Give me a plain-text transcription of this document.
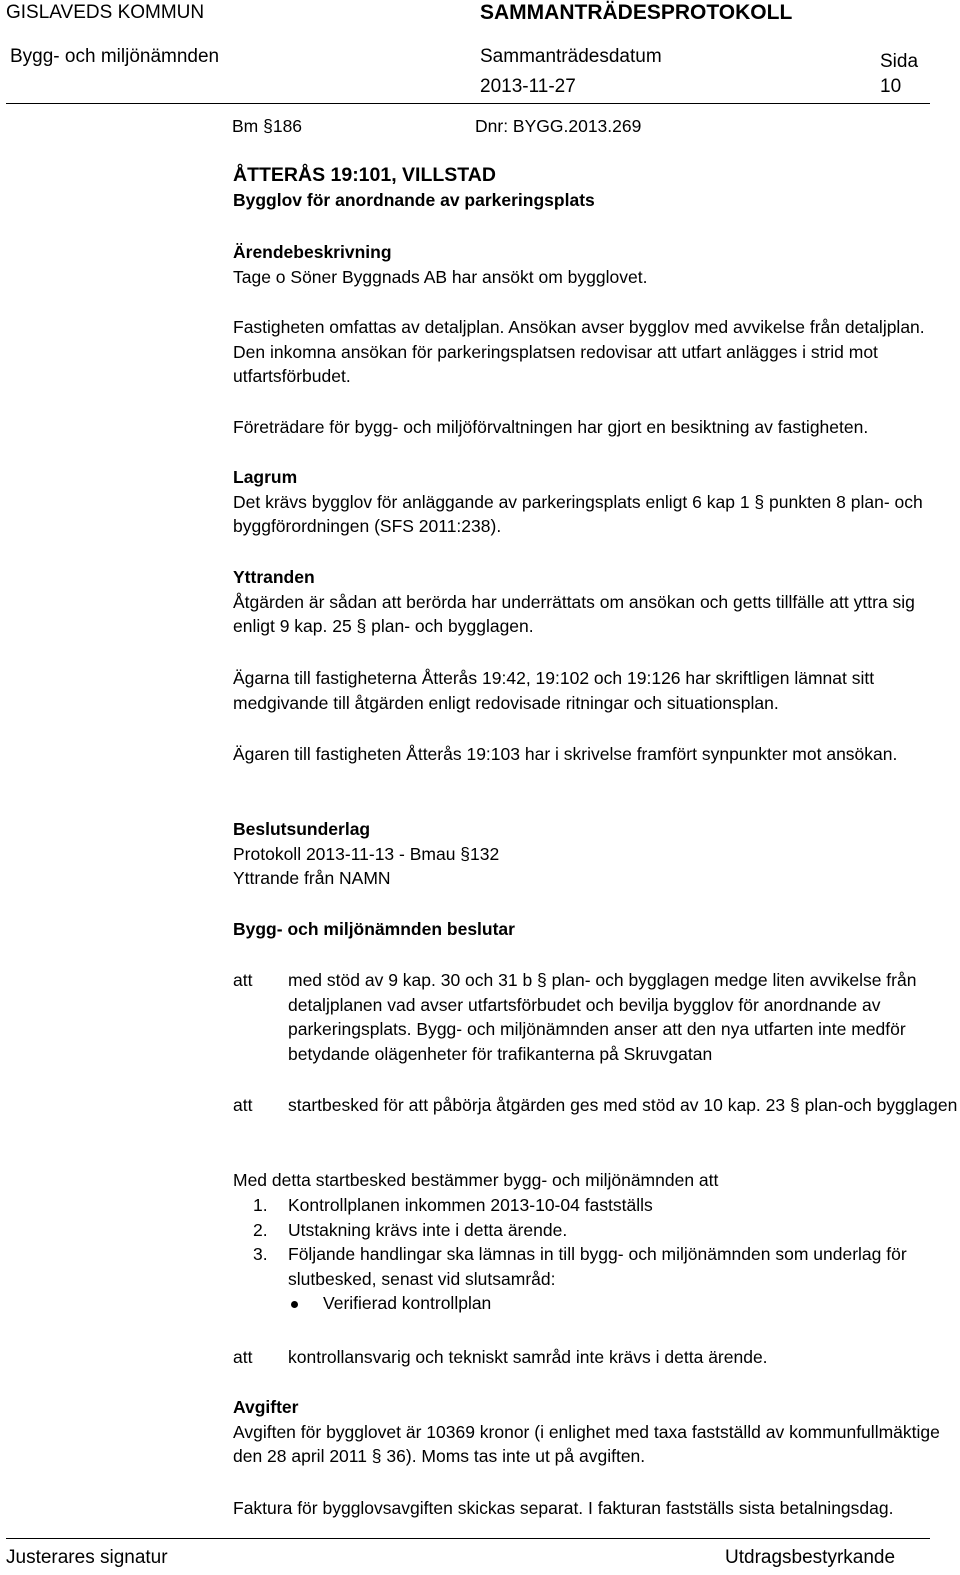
GISLAVEDS KOMMUN	SAMMANTRÄDESPROTOKOLL
Bygg- och miljönämnden	Sammanträdesdatum
2013-11-27
Sida
10
Bm §186	Dnr: BYGG.2013.269

ÅTTERÅS 19:101, VILLSTAD

Bygglov för anordnande av parkeringsplats

Ärendebeskrivning

Tage o Söner Byggnads AB har ansökt om bygglovet.

Fastigheten omfattas av detaljplan. Ansökan avser bygglov med avvikelse från detaljplan. Den inkomna ansökan för parkeringsplatsen redovisar att utfart anlägges i strid mot utfartsförbudet.

Företrädare för bygg- och miljöförvaltningen har gjort en besiktning av fastigheten.

Lagrum

Det krävs bygglov för anläggande av parkeringsplats enligt 6 kap 1 § punkten 8 plan- och byggförordningen (SFS 2011:238).

Yttranden

Åtgärden är sådan att berörda har underrättats om ansökan och getts tillfälle att yttra sig enligt 9 kap. 25 § plan- och bygglagen.

Ägarna till fastigheterna Åtterås 19:42, 19:102 och 19:126 har skriftligen lämnat sitt medgivande till åtgärden enligt redovisade ritningar och situationsplan.

Ägaren till fastigheten Åtterås 19:103 har i skrivelse framfört synpunkter mot ansökan.

Beslutsunderlag

Protokoll 2013-11-13 - Bmau §132

Yttrande från NAMN

Bygg- och miljönämnden beslutar

att med stöd av 9 kap. 30 och 31 b § plan- och bygglagen medge liten avvikelse från detaljplanen vad avser utfartsförbudet och bevilja bygglov för anordnande av parkeringsplats. Bygg- och miljönämnden anser att den nya utfarten inte medför betydande olägenheter för trafikanterna på Skruvgatan
att startbesked för att påbörja åtgärden ges med stöd av 10 kap. 23 § plan-och bygglagen

Med detta startbesked bestämmer bygg- och miljönämnden att

1. Kontrollplanen inkommen 2013-10-04 fastställs
2. Utstakning krävs inte i detta ärende.
3. Följande handlingar ska lämnas in till bygg- och miljönämnden som underlag för slutbesked, senast vid slutsamråd:
Verifierad kontrollplan
att kontrollansvarig och tekniskt samråd inte krävs i detta ärende.

Avgifter

Avgiften för bygglovet är 10369 kronor (i enlighet med taxa fastställd av kommunfullmäktige den 28 april 2011 § 36). Moms tas inte ut på avgiften.

Faktura för bygglovsavgiften skickas separat. I fakturan fastställs sista betalningsdag.

Justerares signatur	Utdragsbestyrkande
